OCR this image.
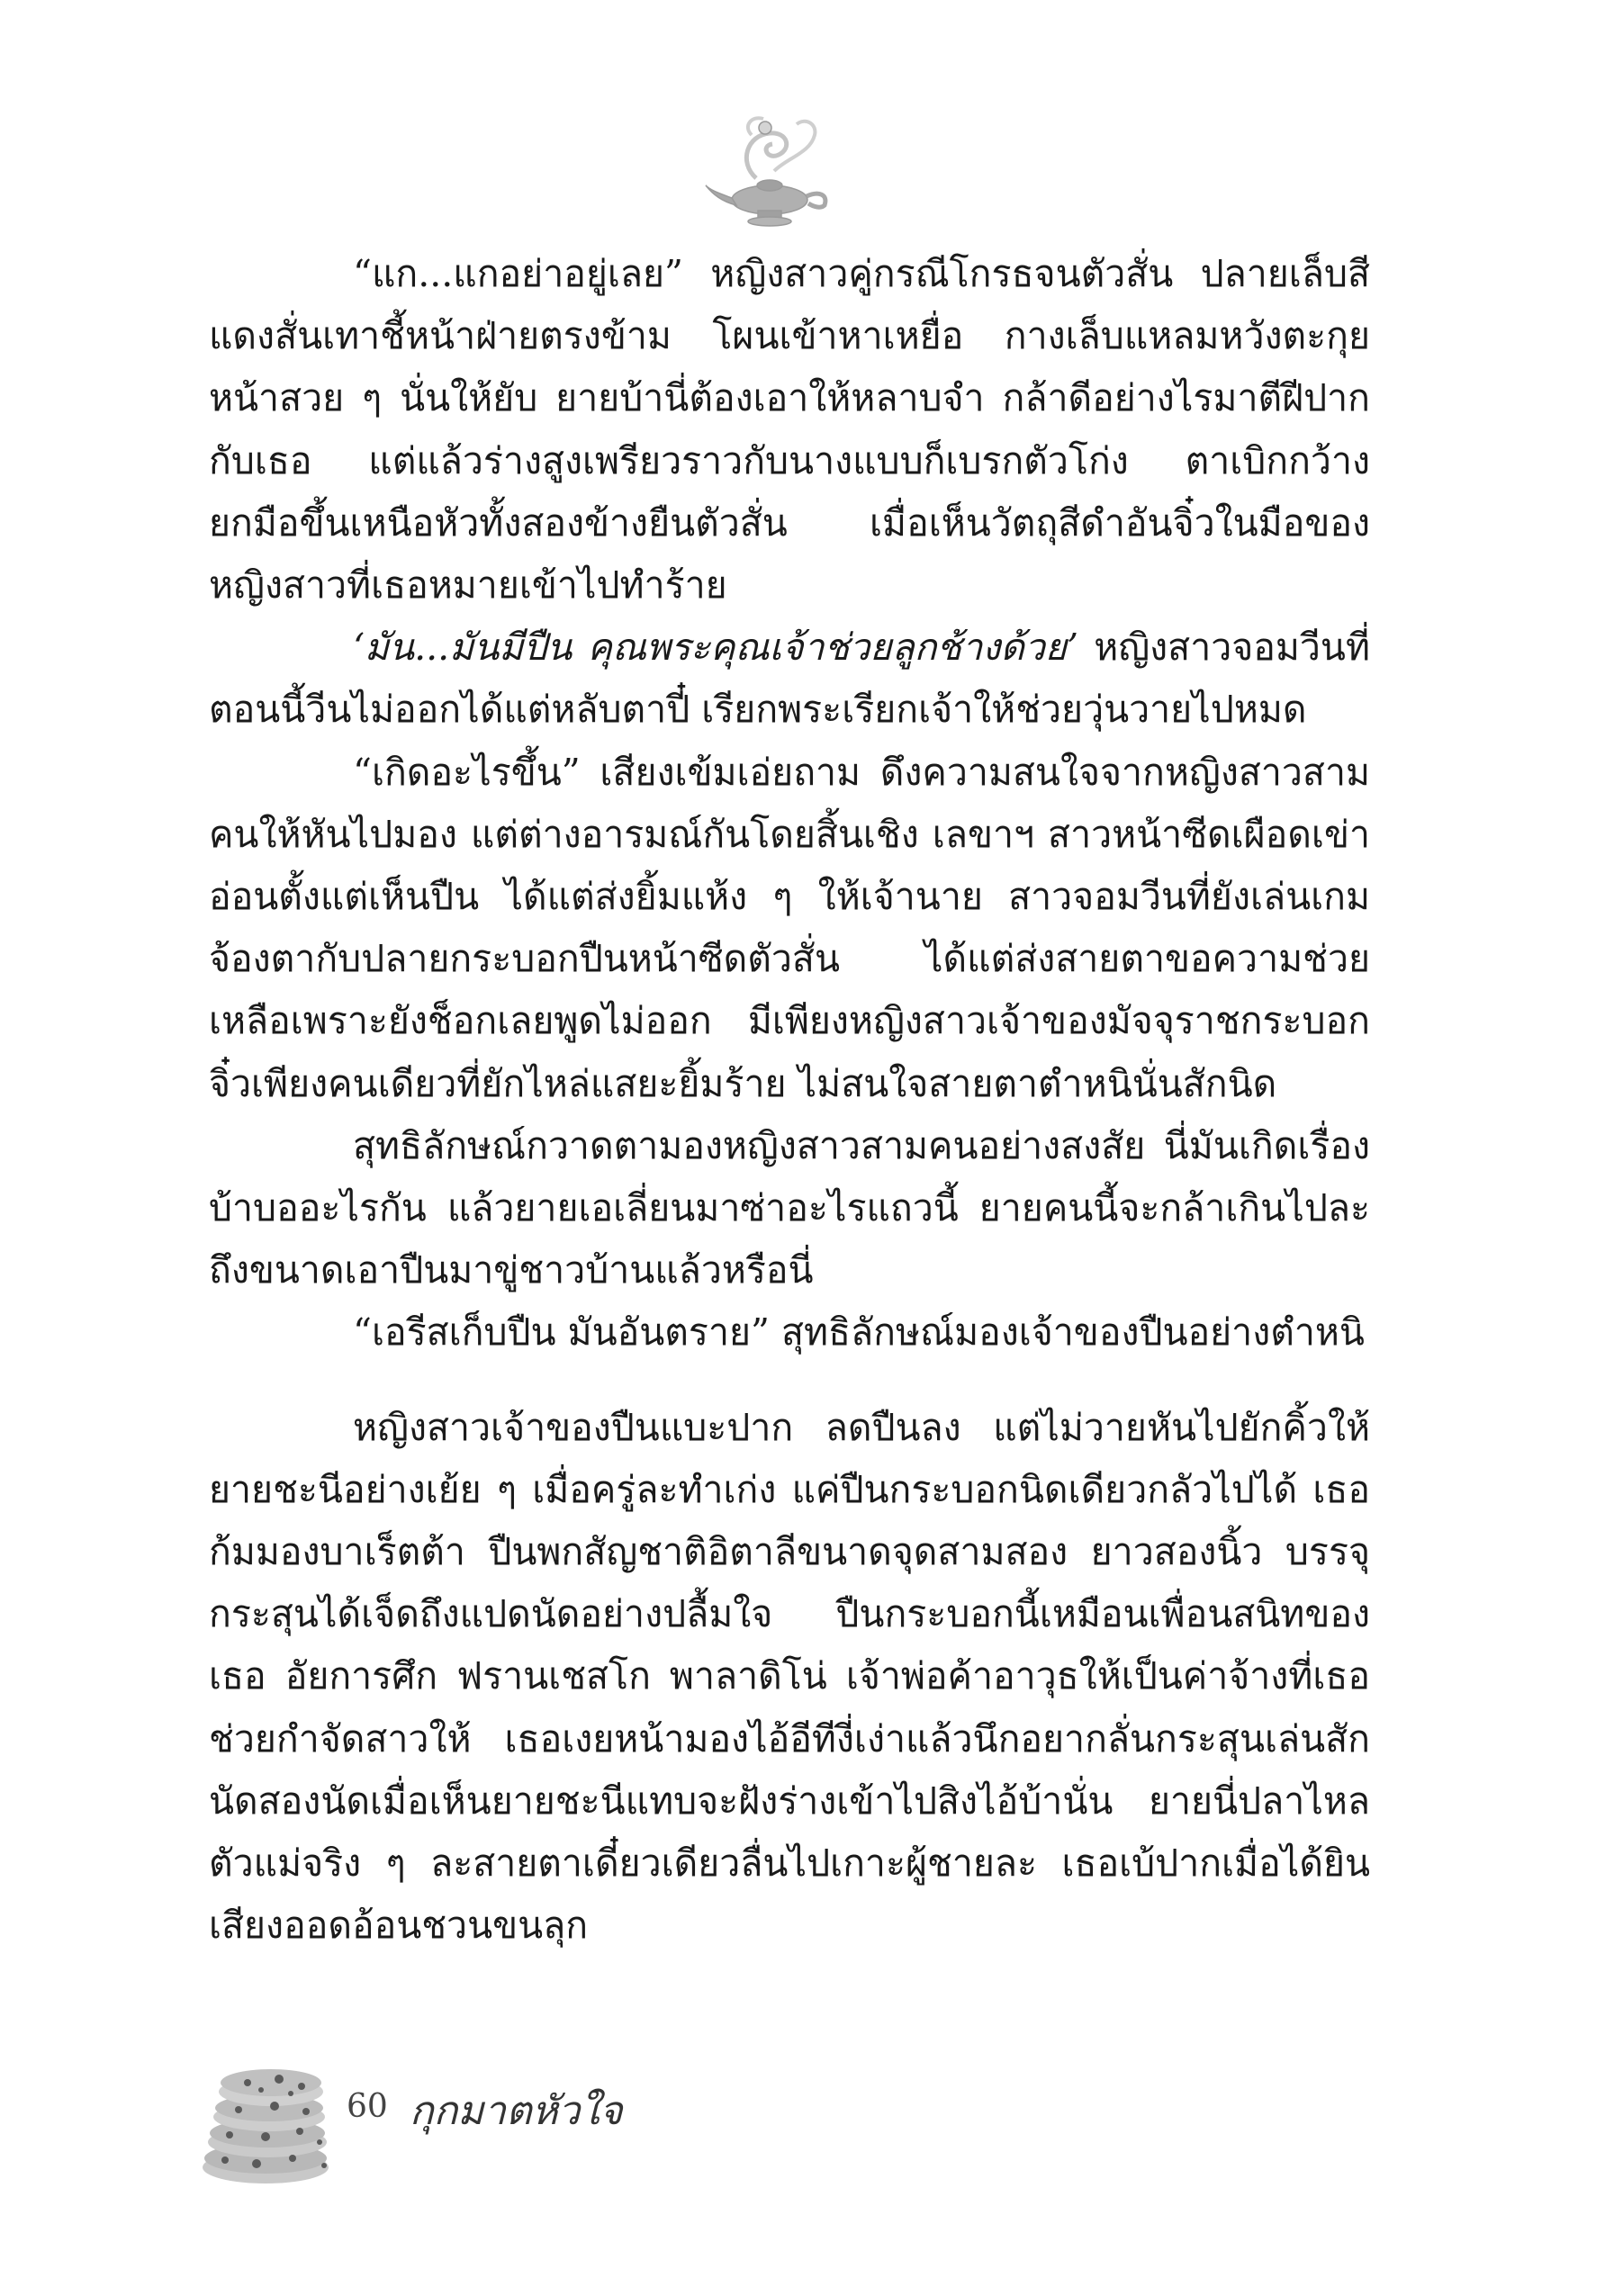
“แก...แกอย่าอยู่เลย” หญิงสาวคู่กรณีโกรธจนตัวสั่น ปลายเล็บสีแดงสั่นเทาชี้หน้าฝ่ายตรงข้าม โผนเข้าหาเหยื่อ กางเล็บแหลมหวังตะกุยหน้าสวย ๆ นั่นให้ยับ ยายบ้านี่ต้องเอาให้หลาบจำ กล้าดีอย่างไรมาตีฝีปากกับเธอ แต่แล้วร่างสูงเพรียวราวกับนางแบบก็เบรกตัวโก่ง ตาเบิกกว้างยกมือขึ้นเหนือหัวทั้งสองข้างยืนตัวสั่น เมื่อเห็นวัตถุสีดำอันจิ๋วในมือของหญิงสาวที่เธอหมายเข้าไปทำร้าย

‘มัน...มันมีปืน คุณพระคุณเจ้าช่วยลูกช้างด้วย’ หญิงสาวจอมวีนที่ตอนนี้วีนไม่ออกได้แต่หลับตาปี๋ เรียกพระเรียกเจ้าให้ช่วยวุ่นวายไปหมด

“เกิดอะไรขึ้น” เสียงเข้มเอ่ยถาม ดึงความสนใจจากหญิงสาวสามคนให้หันไปมอง แต่ต่างอารมณ์กันโดยสิ้นเชิง เลขาฯ สาวหน้าซีดเผือดเข่าอ่อนตั้งแต่เห็นปืน ได้แต่ส่งยิ้มแห้ง ๆ ให้เจ้านาย สาวจอมวีนที่ยังเล่นเกมจ้องตากับปลายกระบอกปืนหน้าซีดตัวสั่น ได้แต่ส่งสายตาขอความช่วยเหลือเพราะยังช็อกเลยพูดไม่ออก มีเพียงหญิงสาวเจ้าของมัจจุราชกระบอกจิ๋วเพียงคนเดียวที่ยักไหล่แสยะยิ้มร้าย ไม่สนใจสายตาตำหนินั่นสักนิด

สุทธิลักษณ์กวาดตามองหญิงสาวสามคนอย่างสงสัย นี่มันเกิดเรื่องบ้าบออะไรกัน แล้วยายเอเลี่ยนมาซ่าอะไรแถวนี้ ยายคนนี้จะกล้าเกินไปละถึงขนาดเอาปืนมาขู่ชาวบ้านแล้วหรือนี่

“เอรีสเก็บปืน มันอันตราย” สุทธิลักษณ์มองเจ้าของปืนอย่างตำหนิ

หญิงสาวเจ้าของปืนแบะปาก ลดปืนลง แต่ไม่วายหันไปยักคิ้วให้ยายชะนีอย่างเย้ย ๆ เมื่อครู่ละทำเก่ง แค่ปืนกระบอกนิดเดียวกลัวไปได้ เธอก้มมองบาเร็ตต้า ปืนพกสัญชาติอิตาลีขนาดจุดสามสอง ยาวสองนิ้ว บรรจุกระสุนได้เจ็ดถึงแปดนัดอย่างปลื้มใจ ปืนกระบอกนี้เหมือนเพื่อนสนิทของเธอ อัยการศึก ฟรานเชสโก พาลาดิโน่ เจ้าพ่อค้าอาวุธให้เป็นค่าจ้างที่เธอช่วยกำจัดสาวให้ เธอเงยหน้ามองไอ้อีทีงี่เง่าแล้วนึกอยากลั่นกระสุนเล่นสักนัดสองนัดเมื่อเห็นยายชะนีแทบจะฝังร่างเข้าไปสิงไอ้บ้านั่น ยายนี่ปลาไหลตัวแม่จริง ๆ ละสายตาเดี๋ยวเดียวลื่นไปเกาะผู้ชายละ เธอเบ้ปากเมื่อได้ยินเสียงออดอ้อนชวนขนลุก

60 กุกมาตหัวใจ
